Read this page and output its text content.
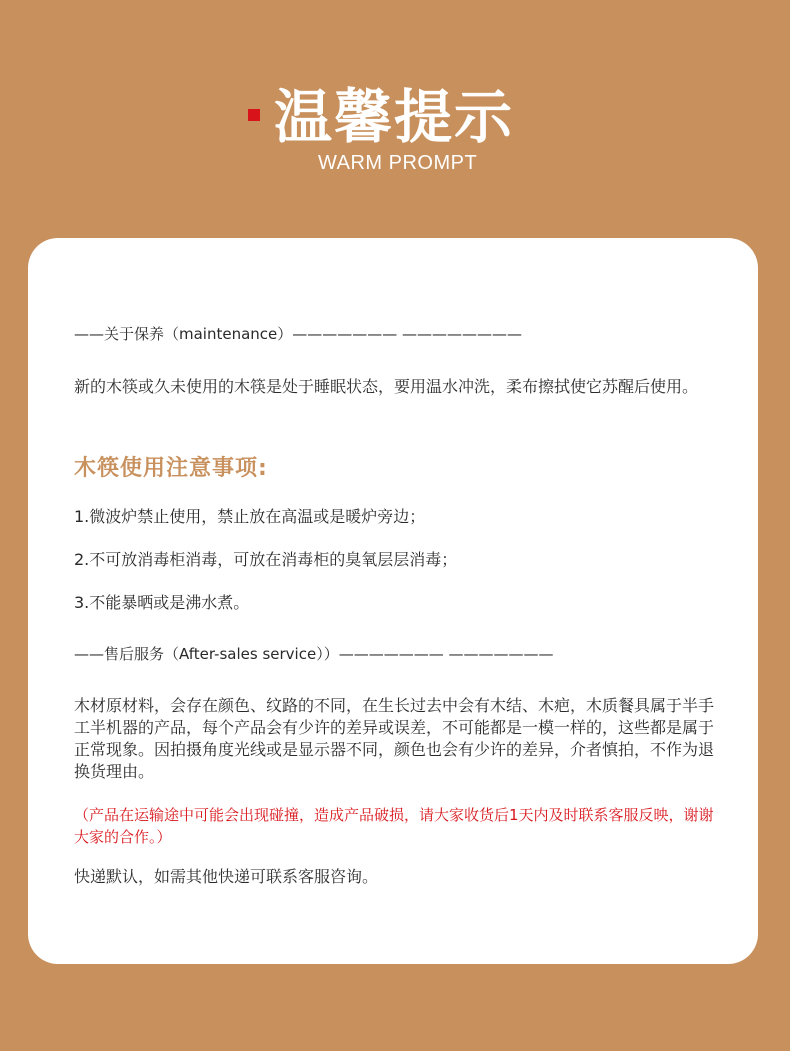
温馨提示
WARM PROMPT
——关于保养（maintenance）——————— ————————
新的木筷或久未使用的木筷是处于睡眠状态，要用温水冲洗，柔布擦拭使它苏醒后使用。
木筷使用注意事项:
1.微波炉禁止使用，禁止放在高温或是暖炉旁边；
2.不可放消毒柜消毒，可放在消毒柜的臭氧层层消毒；
3.不能暴晒或是沸水煮。
——售后服务（After-sales service））——————— ———————
木材原材料，会存在颜色、纹路的不同，在生长过去中会有木结、木疤，木质餐具属于半手工半机器的产品，每个产品会有少许的差异或误差，不可能都是一模一样的，这些都是属于正常现象。因拍摄角度光线或是显示器不同，颜色也会有少许的差异，介者慎拍，不作为退换货理由。
（产品在运输途中可能会出现碰撞，造成产品破损，请大家收货后1天内及时联系客服反映，谢谢大家的合作。）
快递默认，如需其他快递可联系客服咨询。
